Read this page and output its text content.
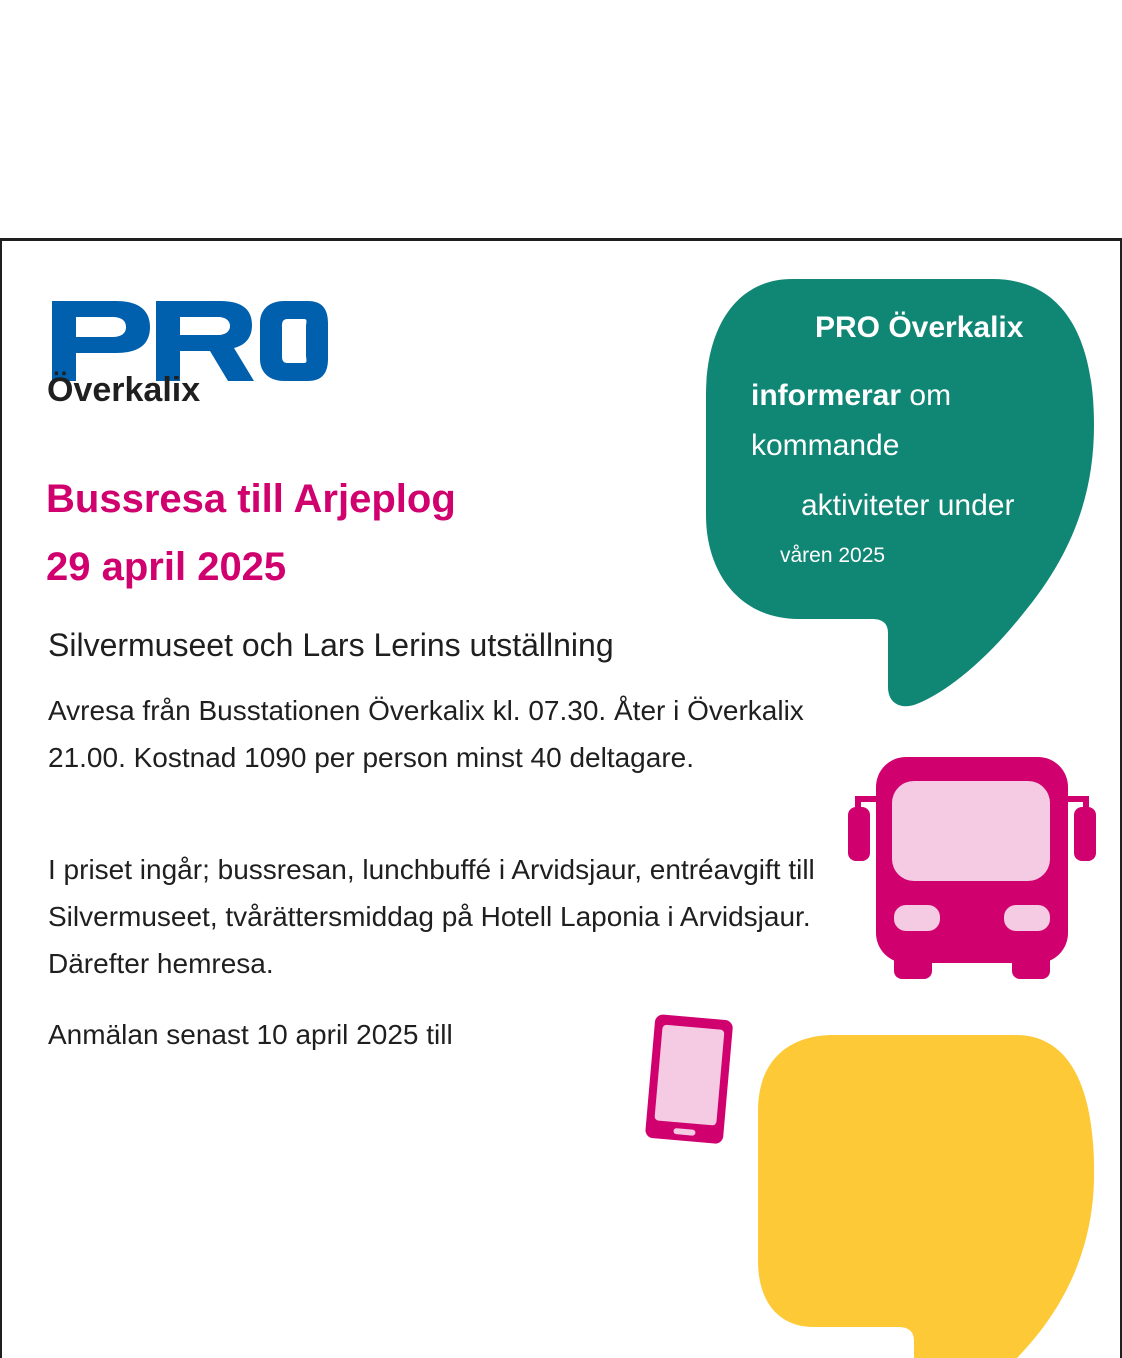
Överkalix
Bussresa till Arjeplog
29 april 2025
Silvermuseet och Lars Lerins utställning
Avresa från Busstationen Överkalix kl. 07.30. Åter i Överkalix 21.00. Kostnad 1090 per person minst 40 deltagare.
I priset ingår; bussresan, lunchbuffé i Arvidsjaur, entréavgift till Silvermuseet, tvårättersmiddag på Hotell Laponia i Arvidsjaur. Därefter hemresa.
Anmälan senast 10 april 2025 till
PRO Överkalix
informerar om
kommande
aktiviteter under
våren 2025
